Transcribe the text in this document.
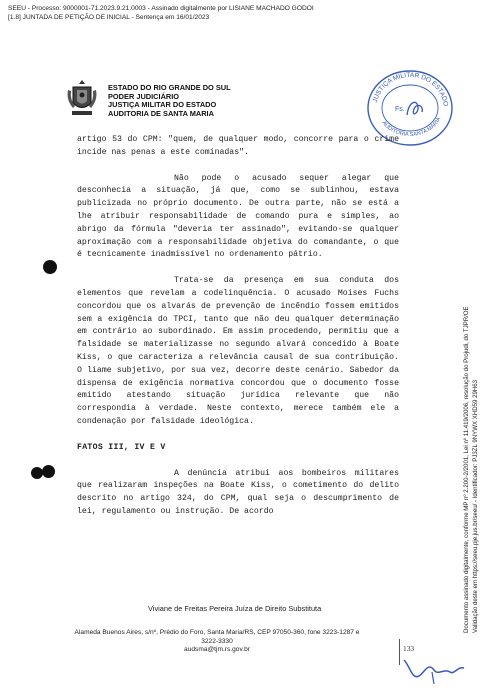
SEEU - Processo: 9000001-71.2023.9.21.0003 - Assinado digitalmente por LISIANE MACHADO GODOI
[1.8] JUNTADA DE PETIÇÃO DE INICIAL - Sentença em 16/01/2023
ESTADO DO RIO GRANDE DO SUL
PODER JUDICIÁRIO
JUSTIÇA MILITAR DO ESTADO
AUDITORIA DE SANTA MARIA
JUSTIÇA MILITAR DO ESTADO
AUDITORIA SANTA MARIA
Fs.
Documento assinado digitalmente, conforme MP nº 2.200-2/2001, Lei nº 11.419/2006, resolução do Projudi, do TJPR/OE Validação deste em https://seeu.pje.jus.br/seeu/ - Identificador: PJ3ZL 9NYWX XHD59 29H63

artigo 53 do CPM: "quem, de qualquer modo, concorre para o crime incide nas penas a este cominadas".

Não pode o acusado sequer alegar que desconhecia a situação, já que, como se sublinhou, estava publicizada no próprio documento. De outra parte, não se está a lhe atribuir responsabilidade de comando pura e simples, ao abrigo da fórmula "deveria ter assinado", evitando-se qualquer aproximação com a responsabilidade objetiva do comandante, o que é tecnicamente inadmissível no ordenamento pátrio.

Trata-se da presença em sua conduta dos elementos que revelam a codelinquência. O acusado Moises Fuchs concordou que os alvarás de prevenção de incêndio fossem emitidos sem a exigência do TPCI, tanto que não deu qualquer determinação em contrário ao subordinado. Em assim procedendo, permitiu que a falsidade se materializasse no segundo alvará concedido à Boate Kiss, o que caracteriza a relevância causal de sua contribuição. O liame subjetivo, por sua vez, decorre deste cenário. Sabedor da dispensa de exigência normativa concordou que o documento fosse emitido atestando situação jurídica relevante que não correspondia à verdade. Neste contexto, merece também ele a condenação por falsidade ideológica.

FATOS III, IV E V

A denúncia atribui aos bombeiros militares que realizaram inspeções na Boate Kiss, o cometimento do delito descrito no artigo 324, do CPM, qual seja o descumprimento de lei, regulamento ou instrução. De acordo

Viviane de Freitas Pereira Juíza de Direito Substituta
Alameda Buenos Aires, s/nº, Prédio do Foro, Santa Maria/RS, CEP 97050-360, fone 3223-1287 e 3222-3330
audsma@tjm.rs.gov.br	133
